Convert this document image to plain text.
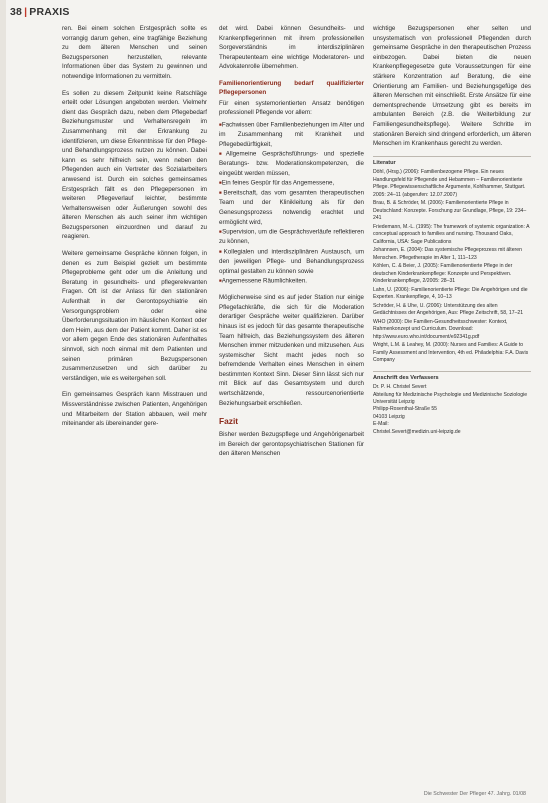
38 | PRAXIS

ren. Bei einem solchen Erstgespräch sollte es vorrangig darum gehen, eine tragfähige Beziehung zu dem älteren Menschen und seinen Bezugspersonen herzustellen, relevante Informationen über das System zu gewinnen und notwendige Informationen zu vermitteln.

Es sollen zu diesem Zeitpunkt keine Ratschläge erteilt oder Lösungen angeboten werden. Vielmehr dient das Gespräch dazu, neben dem Pflegebedarf Beziehungsmuster und Verhaltensregeln im Zusammenhang mit der Erkrankung zu identifizieren, um diese Erkenntnisse für den Pflege- und Behandlungsprozess nutzen zu können. Dabei kann es sehr hilfreich sein, wenn neben den Pflegenden auch ein Vertreter des Sozialarbeiters anwesend ist. Durch ein solches gemeinsames Erstgespräch fällt es den Pflegepersonen im weiteren Pflegeverlauf leichter, bestimmte Verhaltensweisen oder Äußerungen sowohl des älteren Menschen als auch seiner ihm wichtigen Bezugspersonen einzuordnen und darauf zu reagieren.

Weitere gemeinsame Gespräche können folgen, in denen es zum Beispiel gezielt um bestimmte Pflegeprobleme geht oder um die Anleitung und Beratung in gesundheits- und pflegerelevanten Fragen. Oft ist der Anlass für den stationären Aufenthalt in der Gerontopsychiatrie ein Versorgungsproblem oder eine Überforderungssituation im häuslichen Kontext oder dem Heim, aus dem der Patient kommt. Daher ist es vor allem gegen Ende des stationären Aufenthaltes sinnvoll, sich noch einmal mit dem Patienten und seinen primären Bezugspersonen zusammenzusetzen und sich darüber zu verständigen, wie es weitergehen soll.

Ein gemeinsames Gespräch kann Misstrauen und Missverständnisse zwischen Patienten, Angehörigen und Mitarbeitern der Station abbauen, weil mehr miteinander als übereinander gere-

det wird. Dabei können Gesundheits- und Krankenpflegerinnen mit ihrem professionellen Sorgeverständnis im interdisziplinären Therapeutenteam eine wichtige Moderatoren- und Advokatenrolle übernehmen.

Familienorientierung bedarf qualifizierter Pflegepersonen

Für einen systemorientierten Ansatz benötigen professionell Pflegende vor allem:

■ Fachwissen über Familienbeziehungen im Alter und im Zusammenhang mit Krankheit und Pflegebedürftigkeit,
■ Allgemeine Gesprächsführungs- und spezielle Beratungs- bzw. Moderationskompetenzen, die eingeübt werden müssen,
■ Ein feines Gespür für das Angemessene,
■ Bereitschaft, das vom gesamten therapeutischen Team und der Klinikleitung als für den Genesungsprozess notwendig erachtet und ermöglicht wird,
■ Supervision, um die Gesprächsverläufe reflektieren zu können,
■ Kollegialen und interdisziplinären Austausch, um den jeweiligen Pflege- und Behandlungsprozess optimal gestalten zu können sowie
■ Angemessene Räumlichkeiten.

Möglicherweise sind es auf jeder Station nur einige Pflegefachkräfte, die sich für die Moderation derartiger Gespräche weiter qualifizieren. Darüber hinaus ist es jedoch für das gesamte therapeutische Team hilfreich, das Beziehungssystem des älteren Menschen immer mitzudenken und mitzusehen. Aus systemischer Sicht macht jedes noch so befremdende Verhalten eines Menschen in einem bestimmten Kontext Sinn. Dieser Sinn lässt sich nur mit Blick auf das Gesamtsystem und durch wertschätzende, ressourcenorientierte Beziehungsarbeit erschließen.

Fazit

Bisher werden Bezugspflege und Angehörigenarbeit im Bereich der gerontopsychiatrischen Stationen für den älteren Menschen

wichtige Bezugspersonen eher selten und unsystematisch von professionell Pflegenden durch gemeinsame Gespräche in den therapeutischen Prozess einbezogen. Dabei bieten die neuen Krankenpflegegesetze gute Voraussetzungen für eine stärkere Konzentration auf Beratung, die eine Orientierung am Familien- und Beziehungsgefüge des älteren Menschen mit einschließt. Erste Ansätze für eine dementsprechende Umsetzung gibt es bereits im ambulanten Bereich (z.B. die Weiterbildung zur Familiengesundheitspflege). Weitere Schritte im stationären Bereich sind dringend erforderlich, um älteren Menschen im Krankenhaus gerecht zu werden.

Literatur
Döhl, (Hrsg.) (2006): Familienbezogene Pflege. Ein neues Handlungsfeld für Pflegende und Hebammen – Familienorientierte Pflege. Pflegewissenschaftliche Argumente, Kohlhammer, Stuttgart. 2005: 24–11 (abgerufen: 12.07.2007)
Brau, B. & Schröder, M. (2006): Familienorientierte Pflege in Deutschland: Konzepte. Forschung zur Grundlage, Pflege, 19: 234–241
Friedemann, M.-L. (1995): The framework of systemic organization: A conceptual approach to families and nursing. Thousand Oaks, California, USA: Sage Publications
Johannsen, E. (2004): Das systemische Pflegeprozess mit älteren Menschen. Pflegetherapie im Alter 1, 111–123
Köhlen, C. & Beier, J. (2005): Familienorientierte Pflege in der deutschen Kinderkrankenpflege: Konzepte und Perspektiven. Kinderkrankenpflege, 2/2005: 28–31
Lahn, U. (2006): Familienorientierte Pflege: Die Angehörigen und die Experten. Krankenpflege, 4, 10–13
Schröder, H. & Uhe, U. (2006): Unterstützung des alten Gedächtnisses der Angehörigen, Aus: Pflege Zeitschrift, 58, 17–21
WHO (2000): Die Familien-Gesundheitsschwester: Kontext, Rahmenkonzept und Curriculum. Download: http://www.euro.who.int/document/e92341g.pdf
Wright, L.M. & Leahey, M. (2000): Nurses and Families: A Guide to Family Assessment and Intervention, 4th ed. Philadelphia: F.A. Davis Company
Anschrift des Verfassers
Dr. P. H. Christel Severt
Abteilung für Medizinische Psychologie und Medizinische Soziologie
Universität Leipzig
Philipp-Rosenthal-Straße 55
04103 Leipzig
E-Mail:
Christel.Severt@medizin.uni-leipzig.de
Die Schwester Der Pfleger 47. Jahrg. 01/08
